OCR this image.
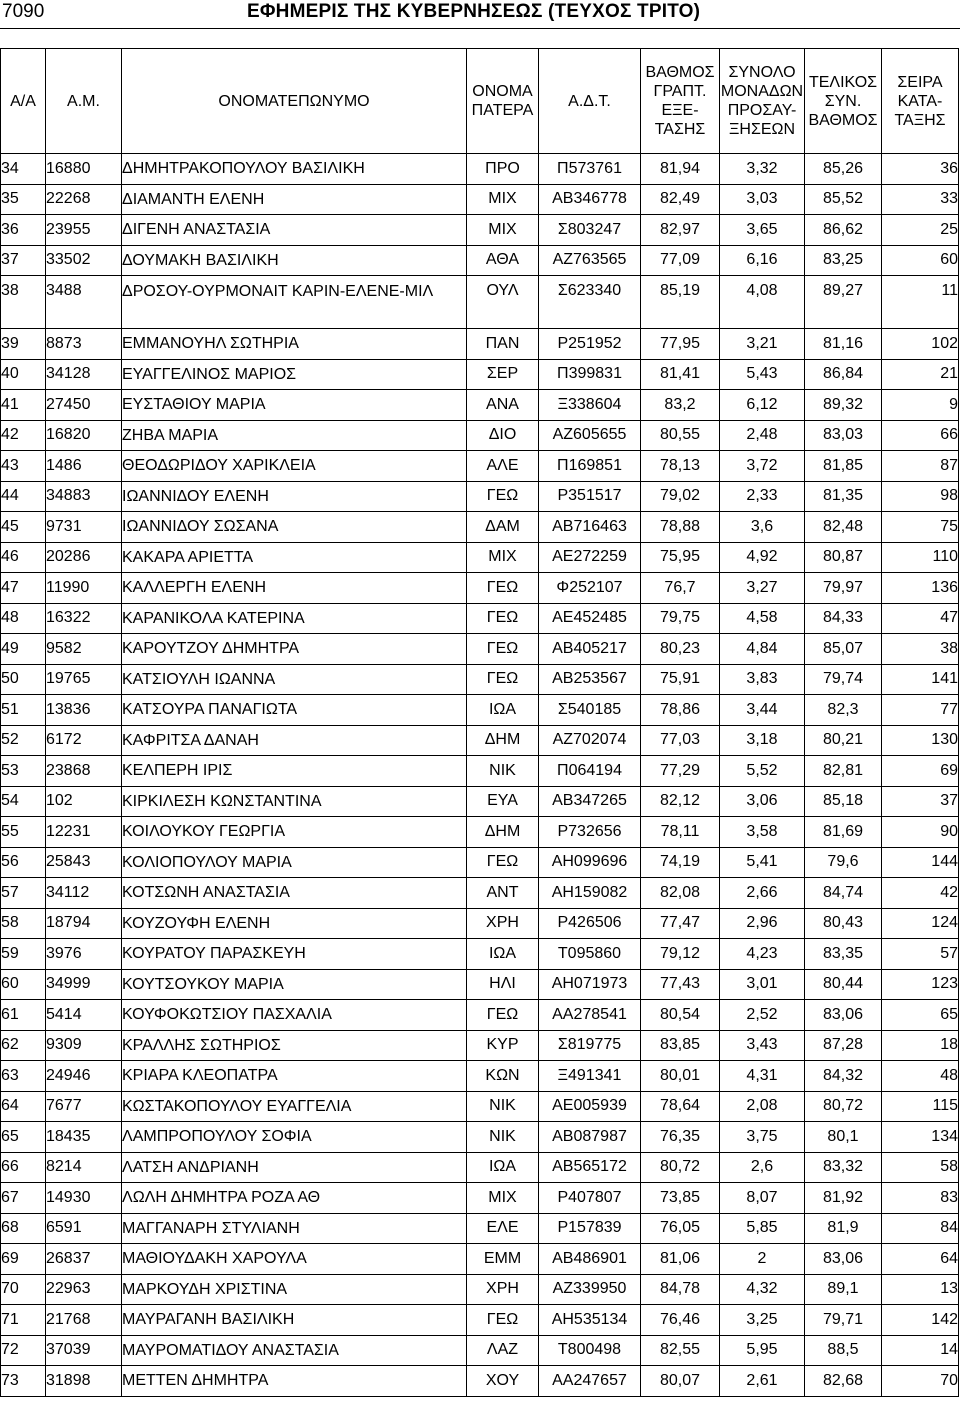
7090	ΕΦΗΜΕΡΙΣ ΤΗΣ ΚΥΒΕΡΝΗΣΕΩΣ (ΤΕΥΧΟΣ ΤΡΙΤΟ)
Α/Α	Α.Μ.	ΟΝΟΜΑΤΕΠΩΝΥΜΟ	ΟΝΟΜΑ
ΠΑΤΕΡΑ	Α.Δ.Τ.	ΒΑΘΜΟΣ
ΓΡΑΠΤ.
ΕΞΕ-
ΤΑΣΗΣ	ΣΥΝΟΛΟ
ΜΟΝΑΔΩΝ
ΠΡΟΣΑΥ-
ΞΗΣΕΩΝ	ΤΕΛΙΚΟΣ
ΣΥΝ.
ΒΑΘΜΟΣ	ΣΕΙΡΑ
ΚΑΤΑ-
ΤΑΞΗΣ

34	16880	ΔΗΜΗΤΡΑΚΟΠΟΥΛΟΥ ΒΑΣΙΛΙΚΗ	ΠΡΟ	Π573761	81,94	3,32	85,26	36
35	22268	ΔΙΑΜΑΝΤΗ ΕΛΕΝΗ	ΜΙΧ	ΑΒ346778	82,49	3,03	85,52	33
36	23955	ΔΙΓΕΝΗ ΑΝΑΣΤΑΣΙΑ	ΜΙΧ	Σ803247	82,97	3,65	86,62	25
37	33502	ΔΟΥΜΑΚΗ ΒΑΣΙΛΙΚΗ	ΑΘΑ	ΑΖ763565	77,09	6,16	83,25	60
38	3488	ΔΡΟΣΟΥ-ΟΥΡΜΟΝΑΙΤ ΚΑΡΙΝ-ΕΛΕΝΕ-ΜΙΛ	ΟΥΛ	Σ623340	85,19	4,08	89,27	11
39	8873	ΕΜΜΑΝΟΥΗΛ ΣΩΤΗΡΙΑ	ΠΑΝ	Ρ251952	77,95	3,21	81,16	102
40	34128	ΕΥΑΓΓΕΛΙΝΟΣ ΜΑΡΙΟΣ	ΣΕΡ	Π399831	81,41	5,43	86,84	21
41	27450	ΕΥΣΤΑΘΙΟΥ ΜΑΡΙΑ	ΑΝΑ	Ξ338604	83,2	6,12	89,32	9
42	16820	ΖΗΒΑ ΜΑΡΙΑ	ΔΙΟ	ΑΖ605655	80,55	2,48	83,03	66
43	1486	ΘΕΟΔΩΡΙΔΟΥ ΧΑΡΙΚΛΕΙΑ	ΑΛΕ	Π169851	78,13	3,72	81,85	87
44	34883	ΙΩΑΝΝΙΔΟΥ ΕΛΕΝΗ	ΓΕΩ	Ρ351517	79,02	2,33	81,35	98
45	9731	ΙΩΑΝΝΙΔΟΥ ΣΩΣΑΝΑ	ΔΑΜ	ΑΒ716463	78,88	3,6	82,48	75
46	20286	ΚΑΚΑΡΑ ΑΡΙΕΤΤΑ	ΜΙΧ	ΑΕ272259	75,95	4,92	80,87	110
47	11990	ΚΑΛΛΕΡΓΗ ΕΛΕΝΗ	ΓΕΩ	Φ252107	76,7	3,27	79,97	136
48	16322	ΚΑΡΑΝΙΚΟΛΑ ΚΑΤΕΡΙΝΑ	ΓΕΩ	ΑΕ452485	79,75	4,58	84,33	47
49	9582	ΚΑΡΟΥΤΖΟΥ ΔΗΜΗΤΡΑ	ΓΕΩ	ΑΒ405217	80,23	4,84	85,07	38
50	19765	ΚΑΤΣΙΟΥΛΗ ΙΩΑΝΝΑ	ΓΕΩ	ΑΒ253567	75,91	3,83	79,74	141
51	13836	ΚΑΤΣΟΥΡΑ ΠΑΝΑΓΙΩΤΑ	ΙΩΑ	Σ540185	78,86	3,44	82,3	77
52	6172	ΚΑΦΡΙΤΣΑ ΔΑΝΑΗ	ΔΗΜ	ΑΖ702074	77,03	3,18	80,21	130
53	23868	ΚΕΛΠΕΡΗ ΙΡΙΣ	ΝΙΚ	Π064194	77,29	5,52	82,81	69
54	102	ΚΙΡΚΙΛΕΣΗ ΚΩΝΣΤΑΝΤΙΝΑ	ΕΥΑ	ΑΒ347265	82,12	3,06	85,18	37
55	12231	ΚΟΙΛΟΥΚΟΥ ΓΕΩΡΓΙΑ	ΔΗΜ	Ρ732656	78,11	3,58	81,69	90
56	25843	ΚΟΛΙΟΠΟΥΛΟΥ ΜΑΡΙΑ	ΓΕΩ	ΑΗ099696	74,19	5,41	79,6	144
57	34112	ΚΟΤΣΩΝΗ ΑΝΑΣΤΑΣΙΑ	ΑΝΤ	ΑΗ159082	82,08	2,66	84,74	42
58	18794	ΚΟΥΖΟΥΦΗ ΕΛΕΝΗ	ΧΡΗ	Ρ426506	77,47	2,96	80,43	124
59	3976	ΚΟΥΡΑΤΟΥ ΠΑΡΑΣΚΕΥΗ	ΙΩΑ	Τ095860	79,12	4,23	83,35	57
60	34999	ΚΟΥΤΣΟΥΚΟΥ ΜΑΡΙΑ	ΗΛΙ	ΑΗ071973	77,43	3,01	80,44	123
61	5414	ΚΟΥΦΟΚΩΤΣΙΟΥ ΠΑΣΧΑΛΙΑ	ΓΕΩ	ΑΑ278541	80,54	2,52	83,06	65
62	9309	ΚΡΑΛΛΗΣ ΣΩΤΗΡΙΟΣ	ΚΥΡ	Σ819775	83,85	3,43	87,28	18
63	24946	ΚΡΙΑΡΑ ΚΛΕΟΠΑΤΡΑ	ΚΩΝ	Ξ491341	80,01	4,31	84,32	48
64	7677	ΚΩΣΤΑΚΟΠΟΥΛΟΥ ΕΥΑΓΓΕΛΙΑ	ΝΙΚ	ΑΕ005939	78,64	2,08	80,72	115
65	18435	ΛΑΜΠΡΟΠΟΥΛΟΥ ΣΟΦΙΑ	ΝΙΚ	ΑΒ087987	76,35	3,75	80,1	134
66	8214	ΛΑΤΣΗ ΑΝΔΡΙΑΝΗ	ΙΩΑ	ΑΒ565172	80,72	2,6	83,32	58
67	14930	ΛΩΛΗ ΔΗΜΗΤΡΑ ΡΟΖΑ ΑΘ	ΜΙΧ	Ρ407807	73,85	8,07	81,92	83
68	6591	ΜΑΓΓΑΝΑΡΗ ΣΤΥΛΙΑΝΗ	ΕΛΕ	Ρ157839	76,05	5,85	81,9	84
69	26837	ΜΑΘΙΟΥΔΑΚΗ ΧΑΡΟΥΛΑ	ΕΜΜ	ΑΒ486901	81,06	2	83,06	64
70	22963	ΜΑΡΚΟΥΔΗ ΧΡΙΣΤΙΝΑ	ΧΡΗ	ΑΖ339950	84,78	4,32	89,1	13
71	21768	ΜΑΥΡΑΓΑΝΗ ΒΑΣΙΛΙΚΗ	ΓΕΩ	ΑΗ535134	76,46	3,25	79,71	142
72	37039	ΜΑΥΡΟΜΑΤΙΔΟΥ ΑΝΑΣΤΑΣΙΑ	ΛΑΖ	Τ800498	82,55	5,95	88,5	14
73	31898	ΜΕΤΤΕΝ ΔΗΜΗΤΡΑ	ΧΟΥ	ΑΑ247657	80,07	2,61	82,68	70
